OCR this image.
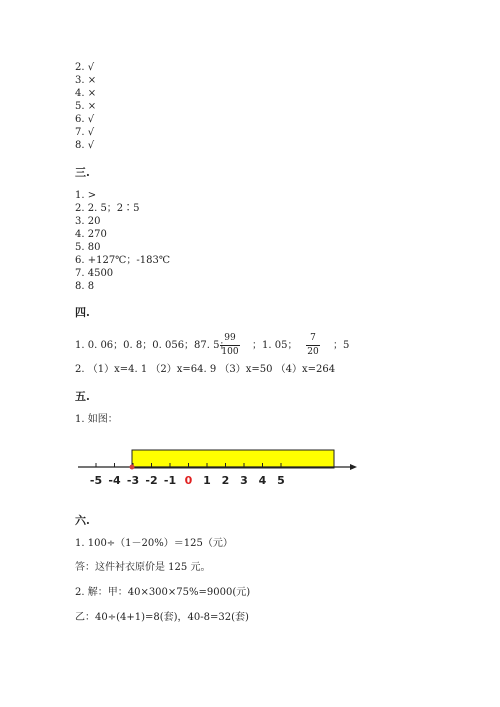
2. √
3. ×
4. ×
5. ×
6. √
7. √
8. √
三.
1. >
2. 2. 5；2∶5
3. 20
4. 270
5. 80
6. +127℃；-183℃
7. 4500
8. 8
四.
1. 0. 06；0. 8；0. 056；87. 5；
99
100
；1. 05；
7
20
；5
2. （1）x=4. 1 （2）x=64. 9 （3）x=50 （4）x=264
五.
1. 如图：
-5 -4 -3 -2 -1 0 1 2 3 4 5
六.
1. 100÷（1－20%）＝125（元）
答：这件衬衣原价是 125 元。
2. 解：甲：40×300×75%=9000(元)
乙：40÷(4+1)=8(套)，40-8=32(套)
